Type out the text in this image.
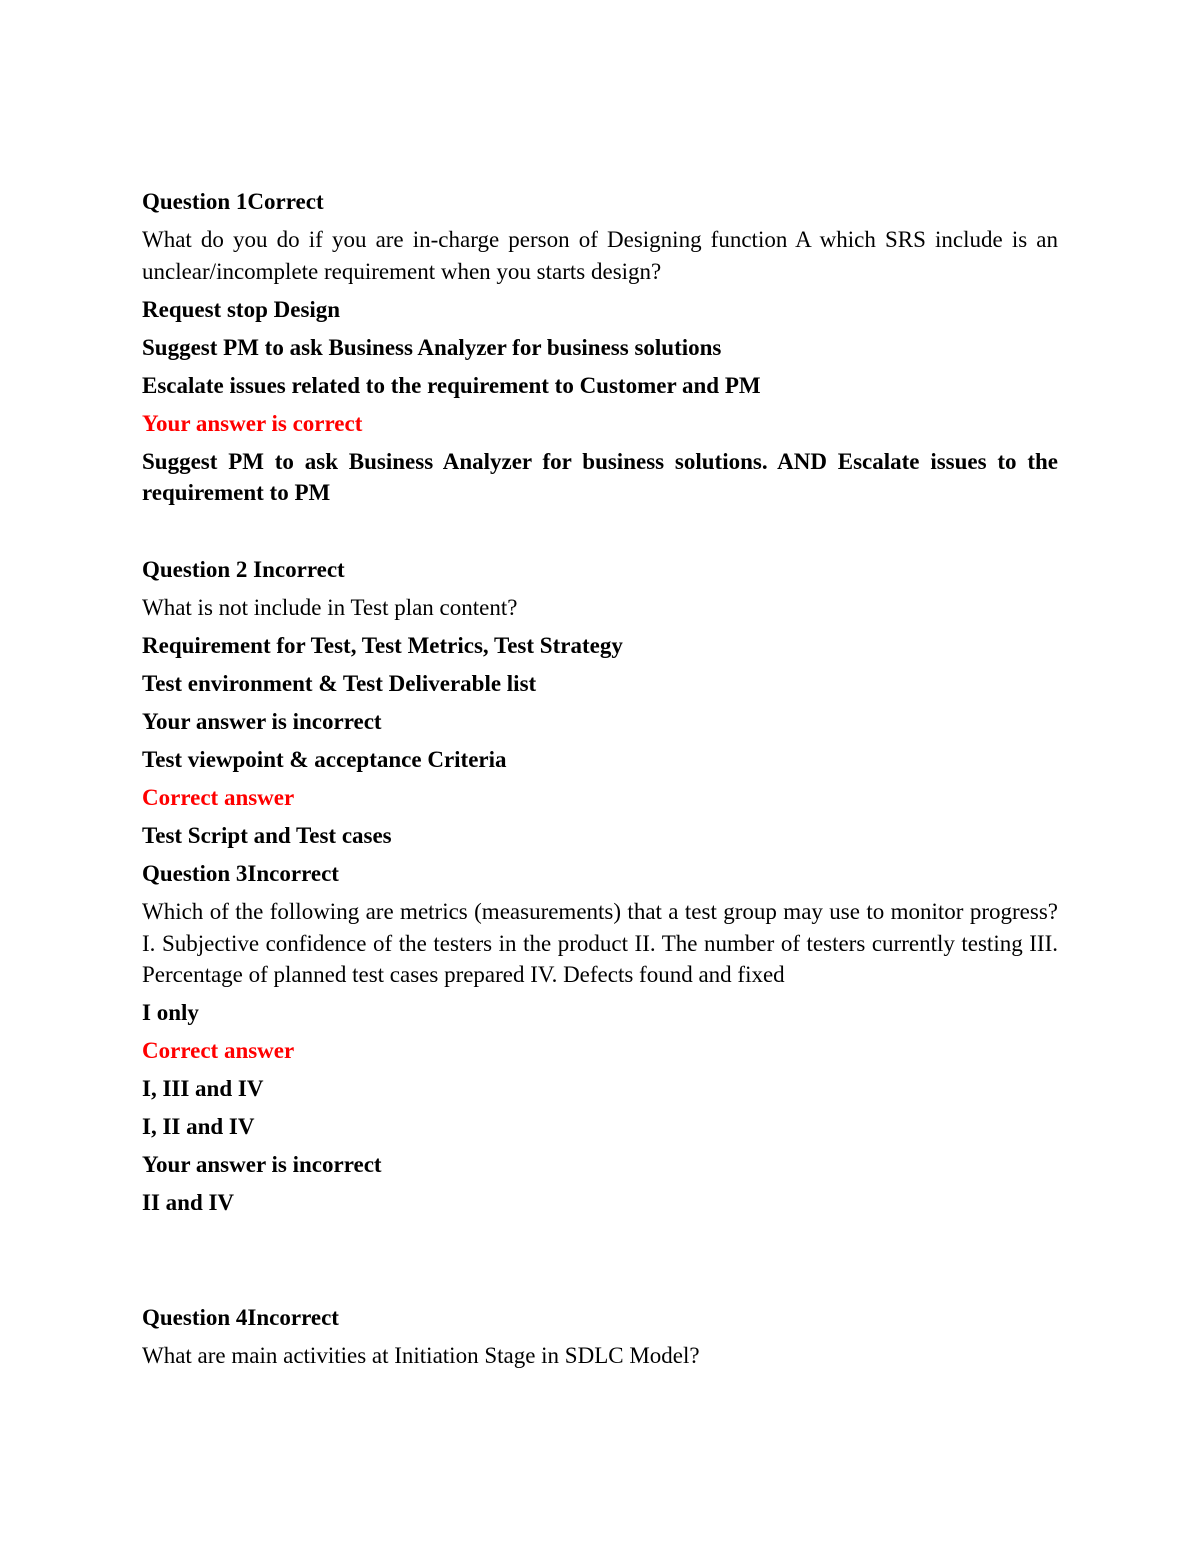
Question 1Correct
What do you do if you are in-charge person of Designing function A which SRS include is an unclear/incomplete requirement when you starts design?
Request stop Design
Suggest PM to ask Business Analyzer for business solutions
Escalate issues related to the requirement to Customer and PM
Your answer is correct
Suggest PM to ask Business Analyzer for business solutions. AND Escalate issues to the requirement to PM
Question 2 Incorrect
What is not include in Test plan content?
Requirement for Test, Test Metrics, Test Strategy
Test environment & Test Deliverable list
Your answer is incorrect
Test viewpoint & acceptance Criteria
Correct answer
Test Script and Test cases
Question 3Incorrect
Which of the following are metrics (measurements) that a test group may use to monitor progress? I. Subjective confidence of the testers in the product II. The number of testers currently testing III. Percentage of planned test cases prepared IV. Defects found and fixed
I only
Correct answer
I, III and IV
I, II and IV
Your answer is incorrect
II and IV
Question 4Incorrect
What are main activities at Initiation Stage in SDLC Model?
